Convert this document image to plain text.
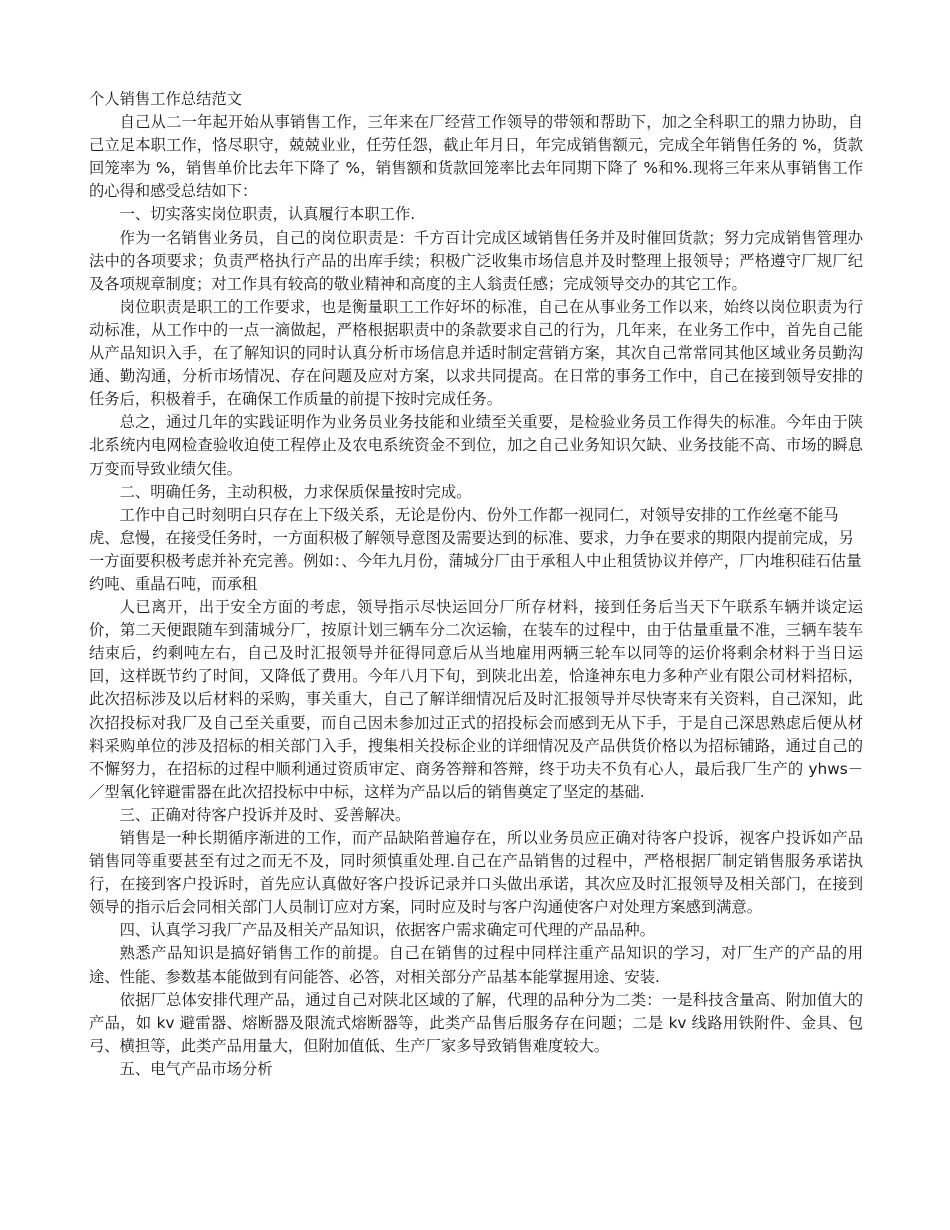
个人销售工作总结范文

自己从二一年起开始从事销售工作，三年来在厂经营工作领导的带领和帮助下，加之全科职工的鼎力协助，自己立足本职工作，恪尽职守，兢兢业业，任劳任怨，截止年月日，年完成销售额元，完成全年销售任务的 %，货款回笼率为 %，销售单价比去年下降了 %，销售额和货款回笼率比去年同期下降了 %和%.现将三年来从事销售工作的心得和感受总结如下：

一、切实落实岗位职责，认真履行本职工作.

作为一名销售业务员，自己的岗位职责是：千方百计完成区域销售任务并及时催回货款；努力完成销售管理办法中的各项要求；负责严格执行产品的出库手续；积极广泛收集市场信息并及时整理上报领导；严格遵守厂规厂纪及各项规章制度；对工作具有较高的敬业精神和高度的主人翁责任感；完成领导交办的其它工作。

岗位职责是职工的工作要求，也是衡量职工工作好坏的标准，自己在从事业务工作以来，始终以岗位职责为行动标准，从工作中的一点一滴做起，严格根据职责中的条款要求自己的行为，几年来，在业务工作中，首先自己能从产品知识入手，在了解知识的同时认真分析市场信息并适时制定营销方案，其次自己常常同其他区域业务员勤沟通、勤沟通，分析市场情况、存在问题及应对方案，以求共同提高。在日常的事务工作中，自己在接到领导安排的任务后，积极着手，在确保工作质量的前提下按时完成任务。

总之，通过几年的实践证明作为业务员业务技能和业绩至关重要，是检验业务员工作得失的标准。今年由于陕北系统内电网检查验收迫使工程停止及农电系统资金不到位，加之自己业务知识欠缺、业务技能不高、市场的瞬息万变而导致业绩欠佳。

二、明确任务，主动积极，力求保质保量按时完成。

工作中自己时刻明白只存在上下级关系，无论是份内、份外工作都一视同仁，对领导安排的工作丝毫不能马虎、怠慢，在接受任务时，一方面积极了解领导意图及需要达到的标准、要求，力争在要求的期限内提前完成，另一方面要积极考虑并补充完善。例如：、今年九月份，蒲城分厂由于承租人中止租赁协议并停产，厂内堆积硅石估量约吨、重晶石吨，而承租

人已离开，出于安全方面的考虑，领导指示尽快运回分厂所存材料，接到任务后当天下午联系车辆并谈定运价，第二天便跟随车到蒲城分厂，按原计划三辆车分二次运输，在装车的过程中，由于估量重量不准，三辆车装车结束后，约剩吨左右，自己及时汇报领导并征得同意后从当地雇用两辆三轮车以同等的运价将剩余材料于当日运回，这样既节约了时间，又降低了费用。今年八月下旬，到陕北出差，恰逢神东电力多种产业有限公司材料招标，此次招标涉及以后材料的采购，事关重大，自己了解详细情况后及时汇报领导并尽快寄来有关资料，自己深知，此次招投标对我厂及自己至关重要，而自己因未参加过正式的招投标会而感到无从下手，于是自己深思熟虑后便从材料采购单位的涉及招标的相关部门入手，搜集相关投标企业的详细情况及产品供货价格以为招标铺路，通过自己的不懈努力，在招标的过程中顺利通过资质审定、商务答辩和答辩，终于功夫不负有心人，最后我厂生产的 yhws－／型氧化锌避雷器在此次招投标中中标，这样为产品以后的销售奠定了坚定的基础.

三、正确对待客户投诉并及时、妥善解决。

销售是一种长期循序渐进的工作，而产品缺陷普遍存在，所以业务员应正确对待客户投诉，视客户投诉如产品销售同等重要甚至有过之而无不及，同时须慎重处理.自己在产品销售的过程中，严格根据厂制定销售服务承诺执行，在接到客户投诉时，首先应认真做好客户投诉记录并口头做出承诺，其次应及时汇报领导及相关部门，在接到领导的指示后会同相关部门人员制订应对方案，同时应及时与客户沟通使客户对处理方案感到满意。

四、认真学习我厂产品及相关产品知识，依据客户需求确定可代理的产品品种。

熟悉产品知识是搞好销售工作的前提。自己在销售的过程中同样注重产品知识的学习，对厂生产的产品的用途、性能、参数基本能做到有问能答、必答，对相关部分产品基本能掌握用途、安装.

依据厂总体安排代理产品，通过自己对陕北区域的了解，代理的品种分为二类：一是科技含量高、附加值大的产品，如 kv 避雷器、熔断器及限流式熔断器等，此类产品售后服务存在问题；二是 kv 线路用铁附件、金具、包弓、横担等，此类产品用量大，但附加值低、生产厂家多导致销售难度较大。

五、电气产品市场分析
